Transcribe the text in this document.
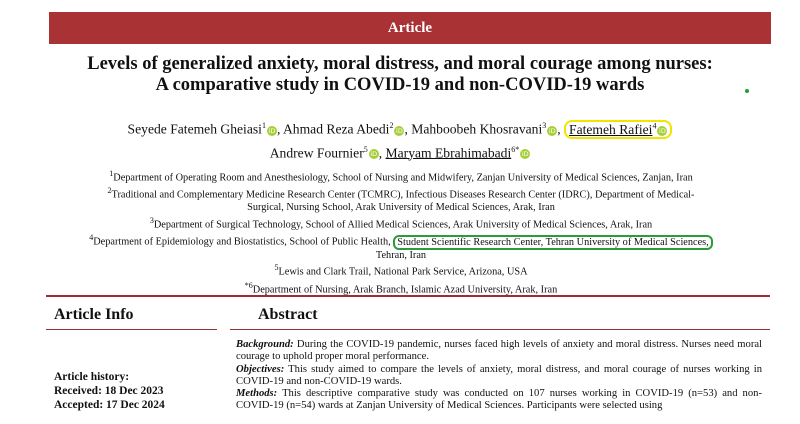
Article
Levels of generalized anxiety, moral distress, and moral courage among nurses:
A comparative study in COVID-19 and non-COVID-19 wards
Seyede Fatemeh Gheiasi$^1$iD , Ahmad Reza Abedi$^2$iD , Mahboobeh Khosravani$^3$iD , Fatemeh Rafiei$^4$iD
Andrew Fournier$^5$iD , Maryam Ebrahimabadi$^{6*}$iD
$^1$Department of Operating Room and Anesthesiology, School of Nursing and Midwifery, Zanjan University of Medical Sciences, Zanjan, Iran
$^2$Traditional and Complementary Medicine Research Center (TCMRC), Infectious Diseases Research Center (IDRC), Department of Medical-
Surgical, Nursing School, Arak University of Medical Sciences, Arak, Iran
$^3$Department of Surgical Technology, School of Allied Medical Sciences, Arak University of Medical Sciences, Arak, Iran
$^4$Department of Epidemiology and Biostatistics, School of Public Health, Student Scientific Research Center, Tehran University of Medical Sciences,
Tehran, Iran
$^5$Lewis and Clark Trail, National Park Service, Arizona, USA
$^{*6}$Department of Nursing, Arak Branch, Islamic Azad University, Arak, Iran
Article Info	Abstract
Article history:
Received: 18 Dec 2023
Accepted: 17 Dec 2024

Background: During the COVID-19 pandemic, nurses faced high levels of anxiety and moral distress. Nurses need moral courage to uphold proper moral performance.

Objectives: This study aimed to compare the levels of anxiety, moral distress, and moral courage of nurses working in COVID-19 and non-COVID-19 wards.

Methods: This descriptive comparative study was conducted on 107 nurses working in COVID-19 (n=53) and non-COVID-19 (n=54) wards at Zanjan University of Medical Sciences. Participants were selected using
